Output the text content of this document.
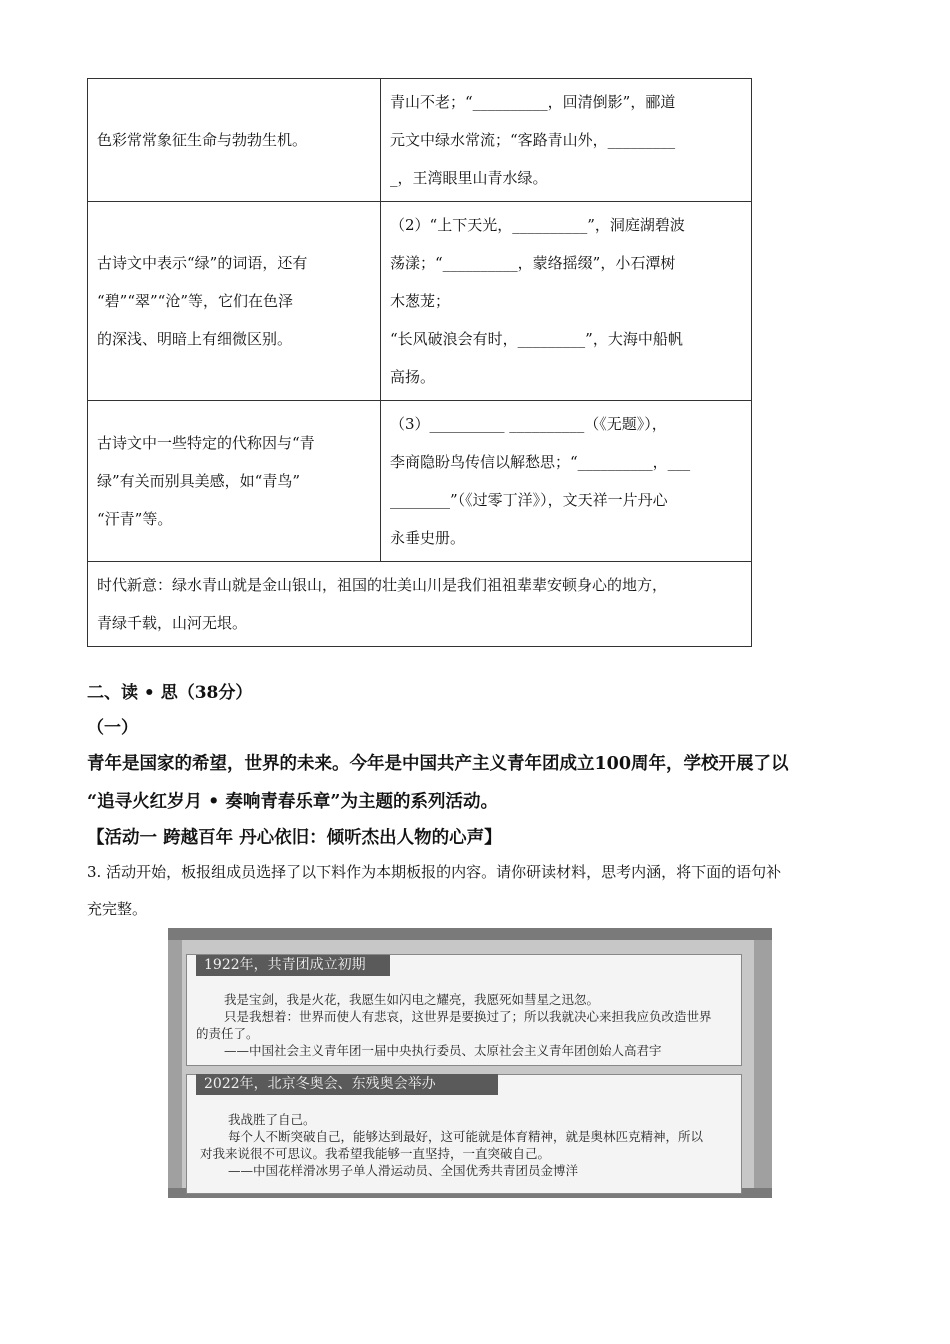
色彩常常象征生命与勃勃生机。	青山不老；“__________，回清倒影”，郦道
元文中绿水常流；“客路青山外，_________
_，王湾眼里山青水绿。

古诗文中表示“绿”的词语，还有
“碧”“翠”“沧”等，它们在色泽
的深浅、明暗上有细微区别。	（2）“上下天光，__________”，洞庭湖碧波
荡漾；“__________，蒙络摇缀”，小石潭树
木葱茏；
“长风破浪会有时，_________”，大海中船帆
高扬。

古诗文中一些特定的代称因与“青
绿”有关而别具美感，如“青鸟”
“汗青”等。	（3）__________ __________（《无题》），
李商隐盼鸟传信以解愁思；“__________，___
________”（《过零丁洋》），文天祥一片丹心
永垂史册。

时代新意：绿水青山就是金山银山，祖国的壮美山川是我们祖祖辈辈安顿身心的地方，
青绿千载，山河无垠。	
二、读 • 思（38分）
（一）
青年是国家的希望，世界的未来。今年是中国共产主义青年团成立100周年，学校开展了以
“追寻火红岁月 • 奏响青春乐章”为主题的系列活动。
【活动一 跨越百年 丹心依旧：倾听杰出人物的心声】
3. 活动开始，板报组成员选择了以下料作为本期板报的内容。请你研读材料，思考内涵，将下面的语句补
充完整。
1922年，共青团成立初期
我是宝剑，我是火花，我愿生如闪电之耀亮，我愿死如彗星之迅忽。
只是我想着：世界而使人有悲哀，这世界是要换过了；所以我就决心来担我应负改造世界
的责任了。
——中国社会主义青年团一届中央执行委员、太原社会主义青年团创始人高君宇
2022年，北京冬奥会、东残奥会举办
我战胜了自己。
每个人不断突破自己，能够达到最好，这可能就是体育精神，就是奥林匹克精神，所以
对我来说很不可思议。我希望我能够一直坚持，一直突破自己。
——中国花样滑冰男子单人滑运动员、全国优秀共青团员金博洋
